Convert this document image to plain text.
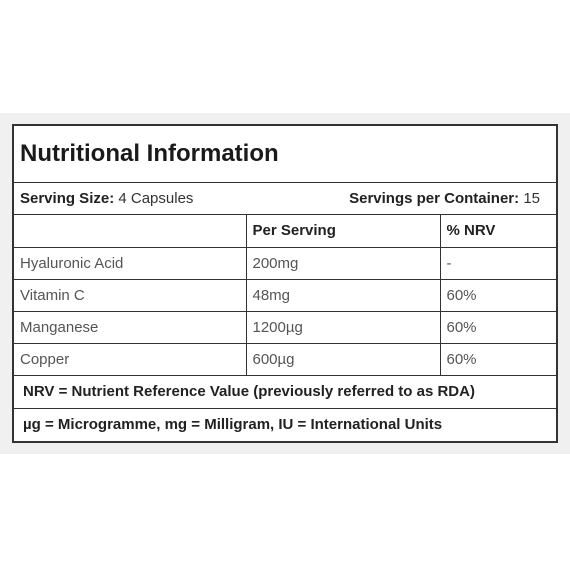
Nutritional Information
Serving Size: 4 Capsules	Servings per Container: 15
	Per Serving	% NRV
Hyaluronic Acid	200mg	-
Vitamin C	48mg	60%
Manganese	1200µg	60%
Copper	600µg	60%
NRV = Nutrient Reference Value (previously referred to as RDA)
µg = Microgramme, mg = Milligram, IU = International Units
